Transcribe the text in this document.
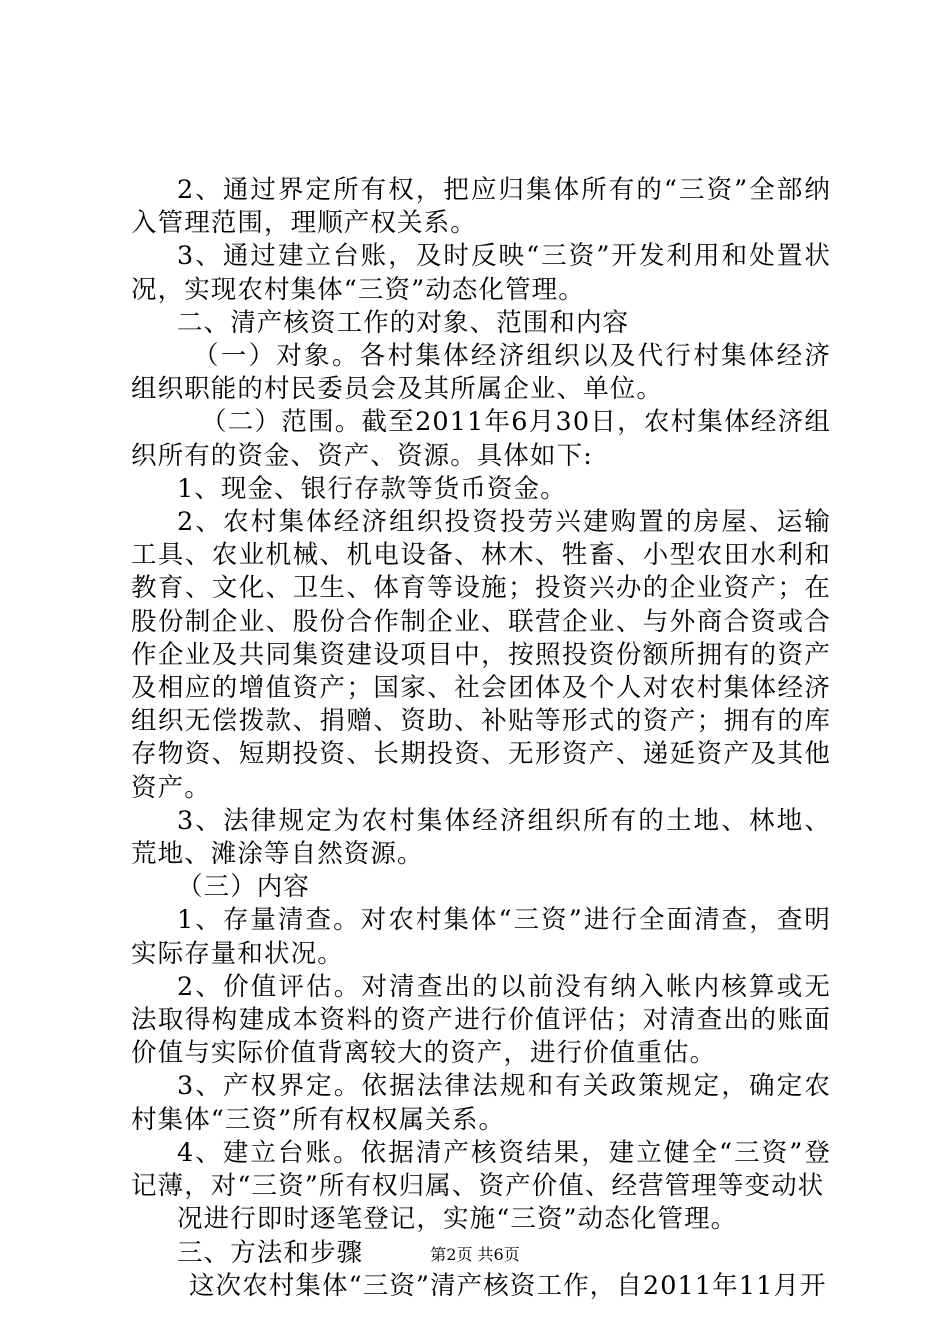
2、通过界定所有权，把应归集体所有的“三资”全部纳入管理范围，理顺产权关系。

3、通过建立台账，及时反映“三资”开发利用和处置状况，实现农村集体“三资”动态化管理。

二、清产核资工作的对象、范围和内容

（一）对象。各村集体经济组织以及代行村集体经济组织职能的村民委员会及其所属企业、单位。

（二）范围。截至2011年6月30日，农村集体经济组织所有的资金、资产、资源。具体如下:

1、现金、银行存款等货币资金。

2、农村集体经济组织投资投劳兴建购置的房屋、运输工具、农业机械、机电设备、林木、牲畜、小型农田水利和教育、文化、卫生、体育等设施；投资兴办的企业资产；在股份制企业、股份合作制企业、联营企业、与外商合资或合作企业及共同集资建设项目中，按照投资份额所拥有的资产及相应的增值资产；国家、社会团体及个人对农村集体经济组织无偿拨款、捐赠、资助、补贴等形式的资产；拥有的库存物资、短期投资、长期投资、无形资产、递延资产及其他资产。

3、法律规定为农村集体经济组织所有的土地、林地、荒地、滩涂等自然资源。

（三）内容

1、存量清查。对农村集体“三资”进行全面清查，查明实际存量和状况。

2、价值评估。对清查出的以前没有纳入帐内核算或无法取得构建成本资料的资产进行价值评估；对清查出的账面价值与实际价值背离较大的资产，进行价值重估。

3、产权界定。依据法律法规和有关政策规定，确定农村集体“三资”所有权权属关系。

4、建立台账。依据清产核资结果，建立健全“三资”登记薄，对“三资”所有权归属、资产价值、经营管理等变动状

况进行即时逐笔登记，实施“三资”动态化管理。

三、方法和步骤

这次农村集体“三资”清产核资工作，自2011年11月开

第2页 共6页
